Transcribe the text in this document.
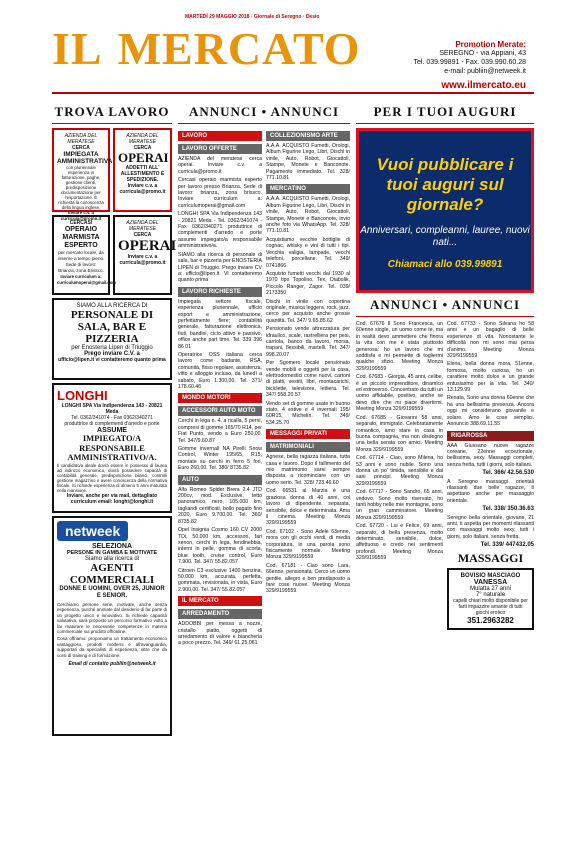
MARTEDÌ 29 MAGGIO 2018 · Giornale di Seregno · Desio
IL MERCATO	Promotion Merate:
SEREGNO - via Appiani, 43
Tel. 039.99891 - Fax. 039.990.60.28
e-mail: publiin@netweek.it
www.ilmercato.eu
TROVA LAVORO	ANNUNCI • ANNUNCI	PER I TUOI AUGURI
AZIENDA DEL MERATESE
CERCA
IMPIEGATA AMMINISTRATIVA
con pluriennale esperienza in fatturazione, paghe, gestione clienti, predisposizione documentazione per l'esportazione. È richiesta la conoscenza della lingua inglese.
Inviare c.v. a curricula@promo.it
AZIENDA DEL MERATESE
CERCA
OPERAI
ADDETTI ALL' ALLESTIMENTO E SPEDIZIONE.
Inviare c.v. a curricula@promo.it
CERCASI
OPERAIO MARMISTA ESPERTO
per mercato locale, da inserire a tempo pieno. Sede di lavoro: Brianza, zona Brissco.
Inviare curriculum a: curriculumoperai@gmail.com
AZIENDA DEL MERATESE
CERCA
OPERAI
Inviare c.v. a curricula@promo.it
SIAMO ALLA RICERCA DI
PERSONALE DI SALA, BAR E PIZZERIA
per Enosteria Lipen di Triuggio
Prego inviare C.V. a
ufficio@lipen.it vi contatteremo quanto prima
LONGHI
LONGHI SPA Via Indipendenza 143 - 20821 Meda
Tel. 0362/341074 - Fax 0362/340271
produttrice di complementi d'arredo e porte
ASSUME
IMPIEGATO/A RESPONSABILE AMMINISTRATIVO/A.
Il candidato/a ideale dovrà essere in possesso di laurea ad indirizzo economico, dovrà possedere capacità di contabilità generale, predisposizione bilanci, controlli gestione magazzino e avere conoscenza della normativa fiscale. Si richiede esperienza di almeno 5 anni maturata nella mansione.
Inviare, anche per via mail, dettagliato curriculum email: longhi@longhi.it
netweek
SELEZIONA
PERSONE IN GAMBA E MOTIVATE
Siamo alla ricerca di
AGENTI COMMERCIALI
DONNE E UOMINI, OVER 25, JUNIOR E SENIOR.
Cerchiamo persone serie, motivate, anche senza esperienza, purché animate dal desiderio di far parte di un progetto unico e innovativo. Si richiede capacità valutativa, sarà proposto un percorso formativo volto a far maturare le necessarie competenze in materia commerciale sui prodotti off/online.
Cosa offriamo: proponiamo un trattamento economico vantaggioso, prodotti moderni e all'avanguardia, supportati da specialisti di esperienza, oltre che da corsi di training e di formazione.
Email di contatto publiin@netweek.it
LAVORO
LAVORO OFFERTE

AZIENDA del meratese cerca operai. Inviare c.v. a curricula@promo.it

Cercasi operaio marmista esperto per lavoro presso Brianza. Sede di lavoro: brianza, zona brissco. Inviare curriculum a: curriculumoperai@gmail.com

LONGHI SPA Via Indipendenza 143 - 20821 Meda - Tel. 0362/341074 - Fax 0362/340271 produttrice di complementi d'arredo e porte assume impiegato/a responsabile amministrativo/a.

SIAMO alla ricerca di personale di sala, bar e pizzeria per ENOSTERIA LIPEN di Triuggio. Prego inviare CV a: ufficio@lipen.it. Vi contatteremo quanto prima

LAVORO RICHIESTE

Impiegata settore fiscale, esperienza pluriennale, ufficio export e amministrazione, perfettamente fiere; contabilità generale, fatturazione elettronica, fiuti, bandini, ciclo attivo e passivo, office anche part time. Tel. 339 396 86 01

Operatrice OSS italiana cerca lavoro come badante, RSA, comunità, fisso regolare, assistenza, vitto e alloggio incluso, da lunedì a sabato, Euro 1.300,00. Tel. 371/ 178.60.46

MONDO MOTORI
ACCESSORI AUTO MOTO

Cerchi in lega n. 4, a ricalla, 5 perni, compresi di gomme 165/70 R14, per Fiat Punto, vendo a Euro 250,00. Tel. 347/9.60.87

Gomme invernali NA Pirelli Snow Control, Winter 195/65, R15, montate su cerchi in ferro 5 fori, Euro 260,00. Tel. 380/ 8735.82

AUTO

Alfa Romeo Spider Brera 2.4 JTD 200cv, mod. Exclusive, tetto panoramico, nero, 105.000 km, tagliandi certificati, bollo pagato fino 2020, Euro 9.700,00. Tel. 360/ 8735.82

Opel Insignia Cosmo 160 CV 2000 TDi, 50.000 km, accessori, fari xenon, cerchi in lega, fendinebbia, interni in pelle, gomma di scorta, blue tooth, cruise control, Euro 7.900. Tel. 347/ 55.82.057

Citroen C3 esclusive 1400 benzina, 50.000 km, accurata, perfetta, gommata, revisionata, in vista, Euro 2.900,00. Tel. 347/ 55.82.057

IL MERCATO
ARREDAMENTO

ADDOBBI per messa a nozze, cristallo piatto, oggetti di arredamento di valore e biancheria a poco prezzo. Tel. 349/ 61.25.061

COLLEZIONISMO ARTE

A.A.A. ACQUISTO Fumetti, Orologi, Album Figurine Lego, Libri, Dischi in vinile, Auto, Robot, Giocattoli, Stampe, Monete e Banconote. Pagamento immediato. Tel. 328/ 771.10.81

MERCATINO

A.A.A. ACQUISTO Fumetti, Orologi, Album Figurine Lego, Libri, Dischi in vinile, Auto, Robot, Giocattoli, Stampe, Monete e Banconote, invio anche foto via WhatsApp. Tel. 328/ 771.10.81

Acquistiamo vecchie bottiglie di cognac, whisky e vini di tutti i tipi. Vecchia valigia, lampade, vecchi telefoni, porcellane. Tel. 349/ 0741866

Acquisto fumetti vecchi dal 1930 al 1970 tipo Topolino, Tex, Diabolik, Piccolo Ranger, Zagor. Tel. 039/ 2173350

Dischi in vinile con copertina originale, musica leggera, rock, jazz, cerco per acquisto anche grosse quantità. Tel. 347/ 9.65.85.62

Pensionato vende attrezzatura per idraulico, scale, rastrelliera per pesi, carriola, banco da lavoro, morsa, trapani, flessibili, martelli. Tel. 347/ 998.20.07

Per Sgomero locale pensionato vende mobili e oggetti per la casa, elettrodomestici come nuovi, cartoni di piatti, vestiti, libri, montacarichi, biciclette, televisore, lettiera. Tel. 347/ 558.20.57

Vendo set di gomme usate in buono stato, 4 estive e 4 invernali 195/ 60R15, Michelin. Tel. 349/ 534.25.70

MESSAGGI PRIVATI
MATRIMONIALI

Agnese, bella ragazza italiana, tutta casa e lavoro. Dopo il fallimento del mio matrimonio sarei sempre disposta a ricominciare con un uomo serio. Tel. 328/ 723.46.60

Cod. 66531 al Marzia è una graziosa donna di 40 anni, col lavoro di dipendente, separata, sensibile, dolce e determinata. Ama il cinema. Meeting Monza 329/9199559

Cod. 67102 - Sono Adele 63enne, mora con gli occhi verdi, di media corporatura, in una parola sono fisicamente normale. Meeting Monza 329/9199559

Cod. 67181 - Ciao sono Lara, 66enne, pensionata. Cerco un uomo gentile, allegro e ben predisposto a fare cose nuove. Meeting Monza 329/9199559

Vuoi pubblicare i tuoi auguri sul giornale?
Anniversari, compleanni, lauree, nuovi nati...
Chiamaci allo 039.99891
ANNUNCI • ANNUNCI

Cod. 67676 Il Sono Francesca, un 60enne single, un uomo come te, ma in realtà devo ammettere che finora la vita con me è stata piuttosto generosa: ho un lavoro che mi soddisfa e mi permette di togliermi qualche sfizio. Meeting Monza 329/9199559

Cod. 67683 - Giorgia, 45 anni, celibe, è un piccolo imprenditore, dinamico ed estroverso. Concentrato da tutti un uomo affidabile, positivo, anche se devo dire che mi piace divertirmi. Meeting Monza 329/9199559

Cod. 67685 - Giovanni 58 anni, separato, immigrato. Celebratamente romantico, amo stare in casa in buona compagnia, ma non disdegno una bella serata con amici. Meeting Monza 329/9199559

Cod. 67714 - Ciao, sono Milena, ho 53 anni e sono nubile. Sono una donna un po' timida, sensibile e dai sani principi. Meeting Monza 329/9199559

Cod. 67717 - Sono Sandro, 65 anni, vedovo. Sono molto riservato, ho tanti hobby nelle mie montagne, sono un gran camminatore. Meeting Monza 329/9199559

Cod. 67720 - Lui e Felice, 69 anni, separato, di bella presenza, molto determinato, sensibile, dolce, affettuoso e credo nei sentimenti profondi. Meeting Monza 329/9199559

Cod. 67733 - Sono Silvana ho 58 anni e un bagaglio di belle esperienze di vita. Nonostante le difficoltà non mi sono mai persa d'animo. Meeting Monza 329/9199559

Elena, bella donna mora, 51enne, formosa, molto curiosa, ho un carattere molto dolce e un grande entusiasmo per la vita. Tel. 340/ 13.129.99

Renata, Sono una donna 60enne che ha una bellissima presenza. Ancora oggi mi considerano giovanile e solare. Amo le cose semplici. Annuncio 388.69.11.55

RIGAROSSA

AAA Giussano nuove ragazze coreane, 22enne eccezionale, bellissima, sexy. Massaggi completi, senza fretta, tutti i giorni, solo italiani.

Tel. 366/ 42.56.530

A Seregno massaggi orientali rilassanti due belle ragazze, ti aspettano anche per massaggio orientale.

Tel. 338/ 350.36.63

Seregno bella orientale, giovane, 21 anni, ti aspetta per momenti rilassanti con massaggi molto sexy, tutti i giorni, solo italiani, senza fretta.

Tel. 339/ 447432.05

MASSAGGI
BOVISIO MASCIAGO
VANESSA
Mulatta 27 anni
7° naturale
capelli chiari molto disponibile per farti impazzire amante di tutti giochi erotico
351.2963282
